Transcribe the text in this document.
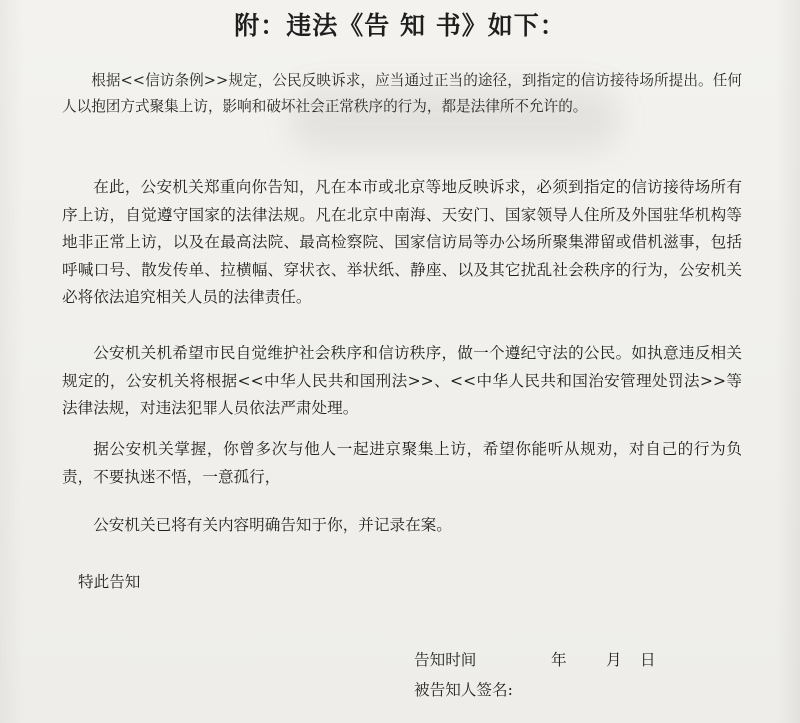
附：违法《告 知 书》如下：

根据<<信访条例>>规定，公民反映诉求，应当通过正当的途径，到指定的信访接待场所提出。任何人以抱团方式聚集上访，影响和破坏社会正常秩序的行为，都是法律所不允许的。

在此，公安机关郑重向你告知，凡在本市或北京等地反映诉求，必须到指定的信访接待场所有序上访，自觉遵守国家的法律法规。凡在北京中南海、天安门、国家领导人住所及外国驻华机构等地非正常上访，以及在最高法院、最高检察院、国家信访局等办公场所聚集滞留或借机滋事，包括呼喊口号、散发传单、拉横幅、穿状衣、举状纸、静座、以及其它扰乱社会秩序的行为，公安机关必将依法追究相关人员的法律责任。

公安机关机希望市民自觉维护社会秩序和信访秩序，做一个遵纪守法的公民。如执意违反相关规定的，公安机关将根据<<中华人民共和国刑法>>、<<中华人民共和国治安管理处罚法>>等法律法规，对违法犯罪人员依法严肃处理。

据公安机关掌握，你曾多次与他人一起进京聚集上访，希望你能听从规劝，对自己的行为负责，不要执迷不悟，一意孤行，

公安机关已将有关内容明确告知于你，并记录在案。

特此告知

告知时间	年	月 日

被告知人签名:
